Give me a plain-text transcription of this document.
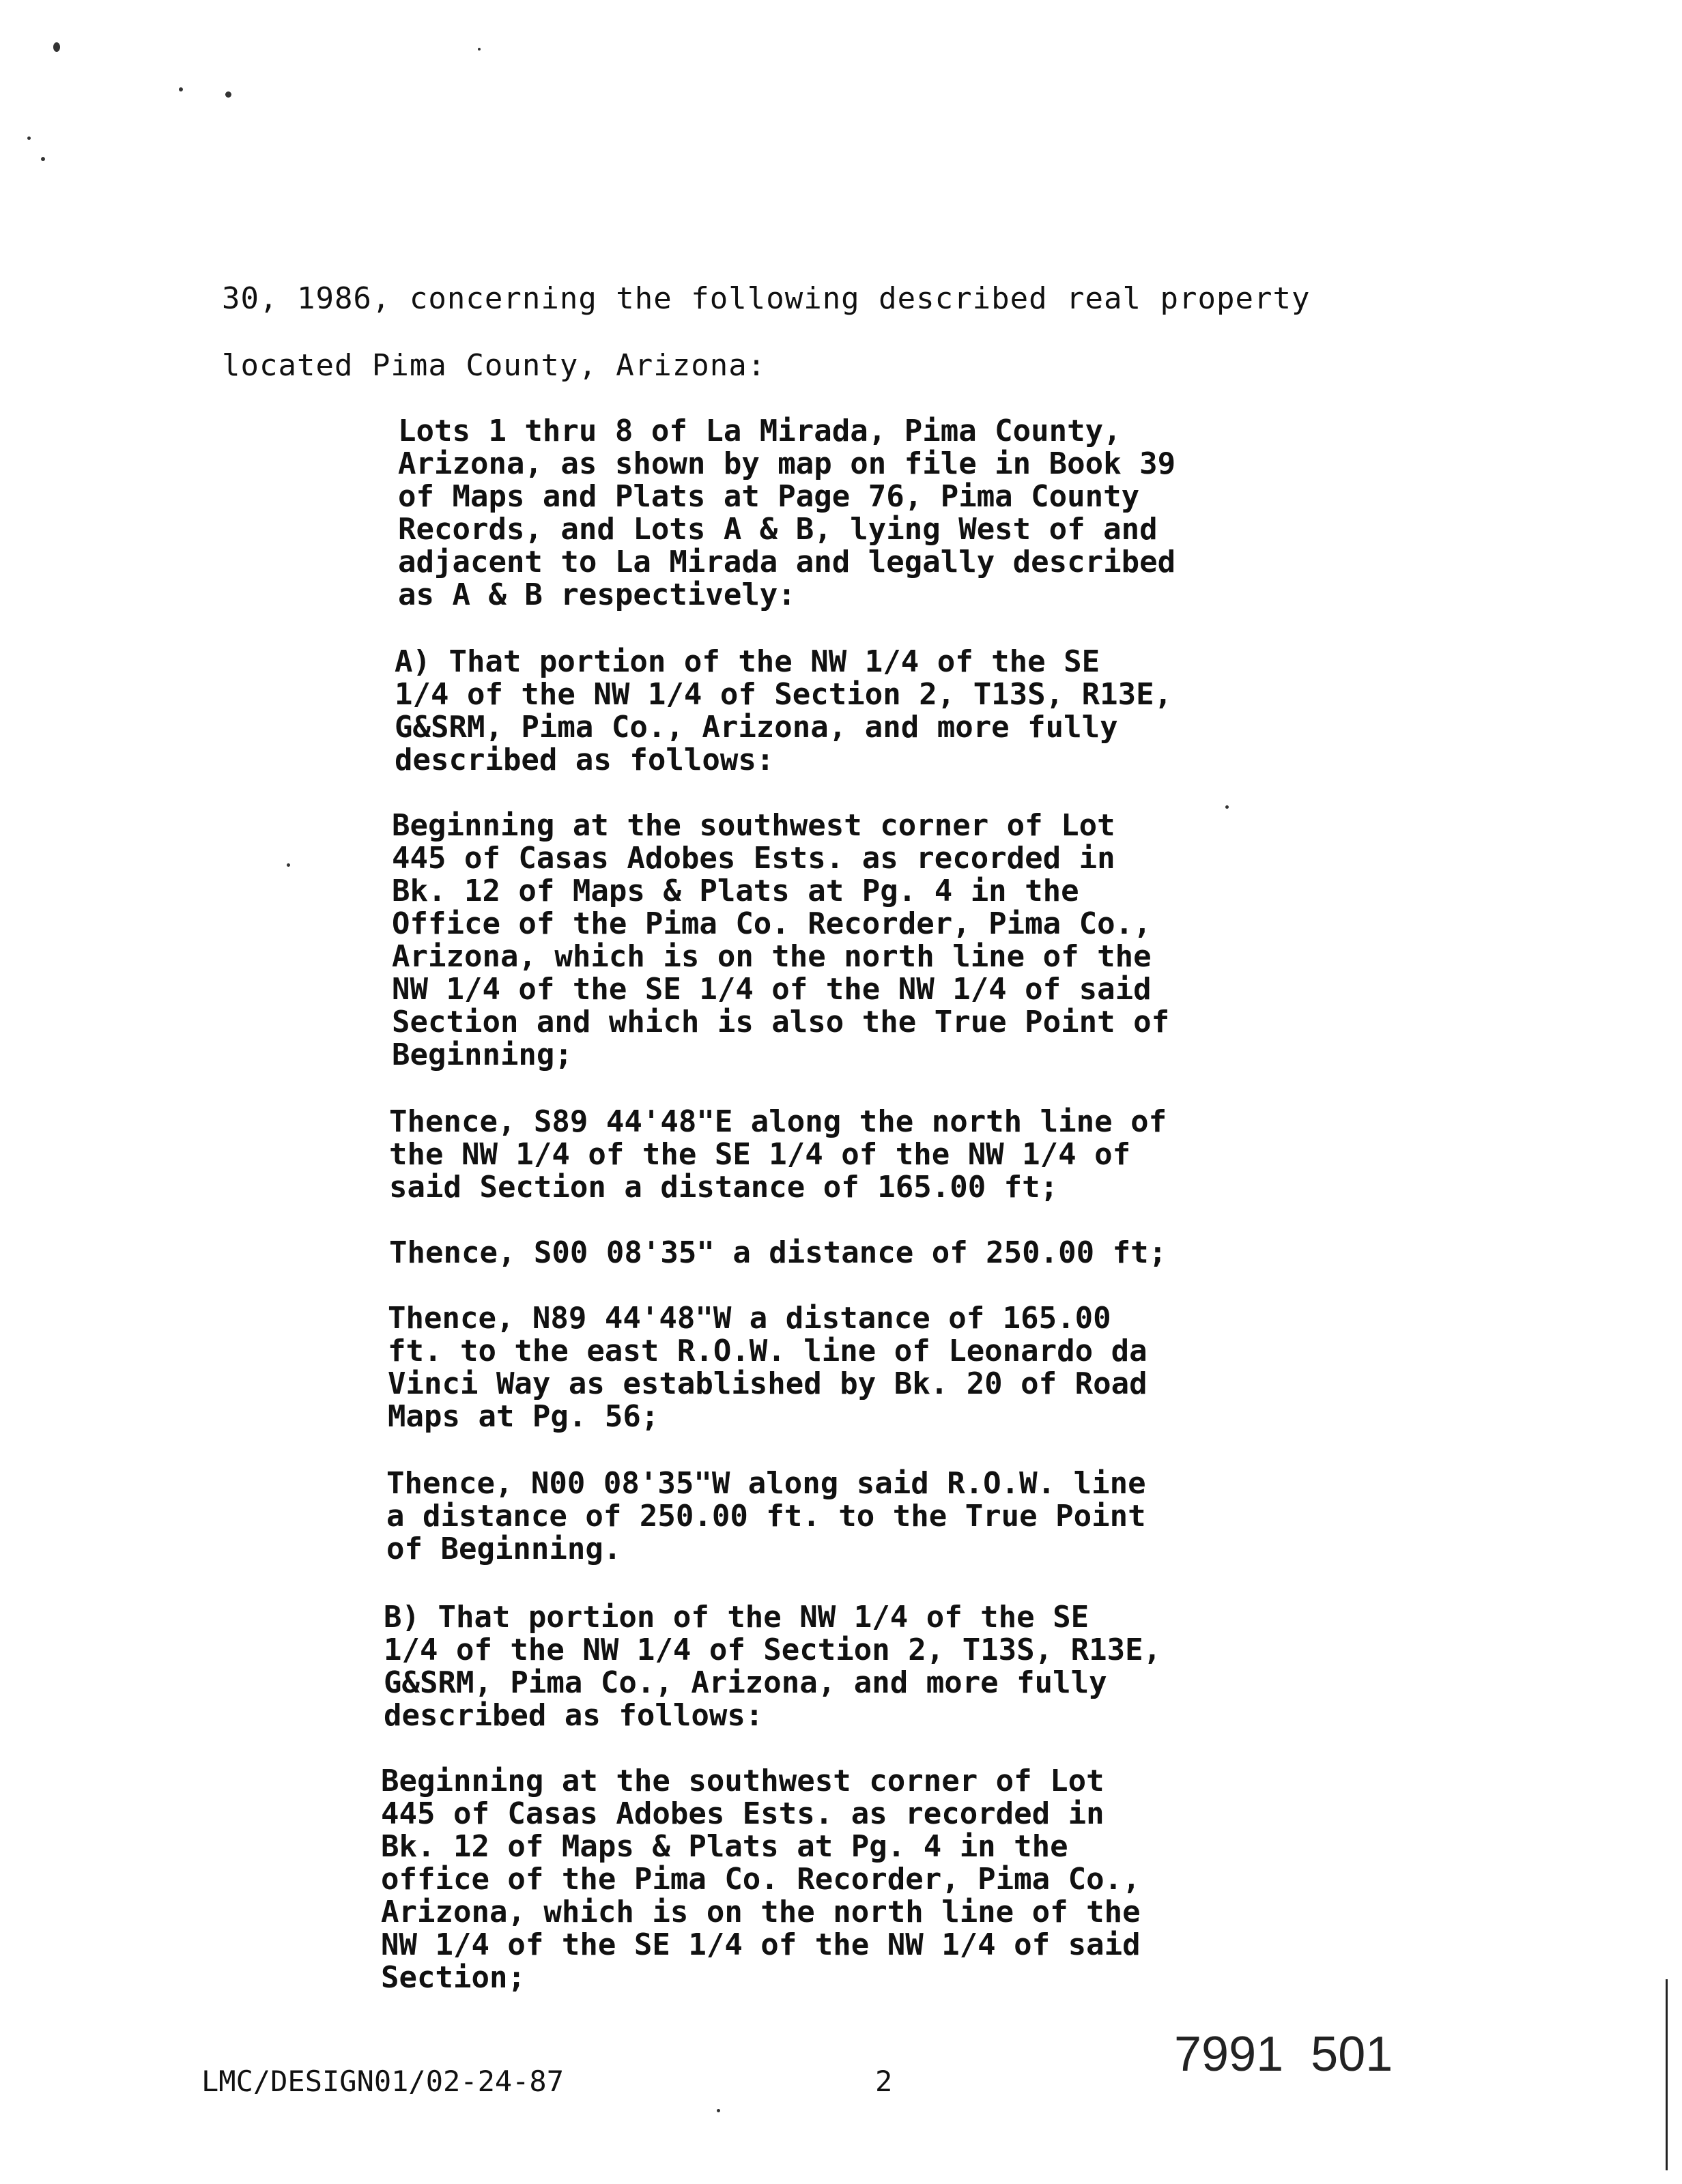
30, 1986, concerning the following described real property
located Pima County, Arizona:
Lots 1 thru 8 of La Mirada, Pima County,
Arizona, as shown by map on file in Book 39
of Maps and Plats at Page 76, Pima County
Records, and Lots A & B, lying West of and
adjacent to La Mirada and legally described
as A & B respectively:
A) That portion of the NW 1/4 of the SE
1/4 of the NW 1/4 of Section 2, T13S, R13E,
G&SRM, Pima Co., Arizona, and more fully
described as follows:
Beginning at the southwest corner of Lot
445 of Casas Adobes Ests. as recorded in
Bk. 12 of Maps & Plats at Pg. 4 in the
Office of the Pima Co. Recorder, Pima Co.,
Arizona, which is on the north line of the
NW 1/4 of the SE 1/4 of the NW 1/4 of said
Section and which is also the True Point of
Beginning;
Thence, S89 44'48"E along the north line of
the NW 1/4 of the SE 1/4 of the NW 1/4 of
said Section a distance of 165.00 ft;
Thence, S00 08'35" a distance of 250.00 ft;
Thence, N89 44'48"W a distance of 165.00
ft. to the east R.O.W. line of Leonardo da
Vinci Way as established by Bk. 20 of Road
Maps at Pg. 56;
Thence, N00 08'35"W along said R.O.W. line
a distance of 250.00 ft. to the True Point
of Beginning.
B) That portion of the NW 1/4 of the SE
1/4 of the NW 1/4 of Section 2, T13S, R13E,
G&SRM, Pima Co., Arizona, and more fully
described as follows:
Beginning at the southwest corner of Lot
445 of Casas Adobes Ests. as recorded in
Bk. 12 of Maps & Plats at Pg. 4 in the
office of the Pima Co. Recorder, Pima Co.,
Arizona, which is on the north line of the
NW 1/4 of the SE 1/4 of the NW 1/4 of said
Section;
LMC/DESIGN01/02-24-87	2	7991  501
